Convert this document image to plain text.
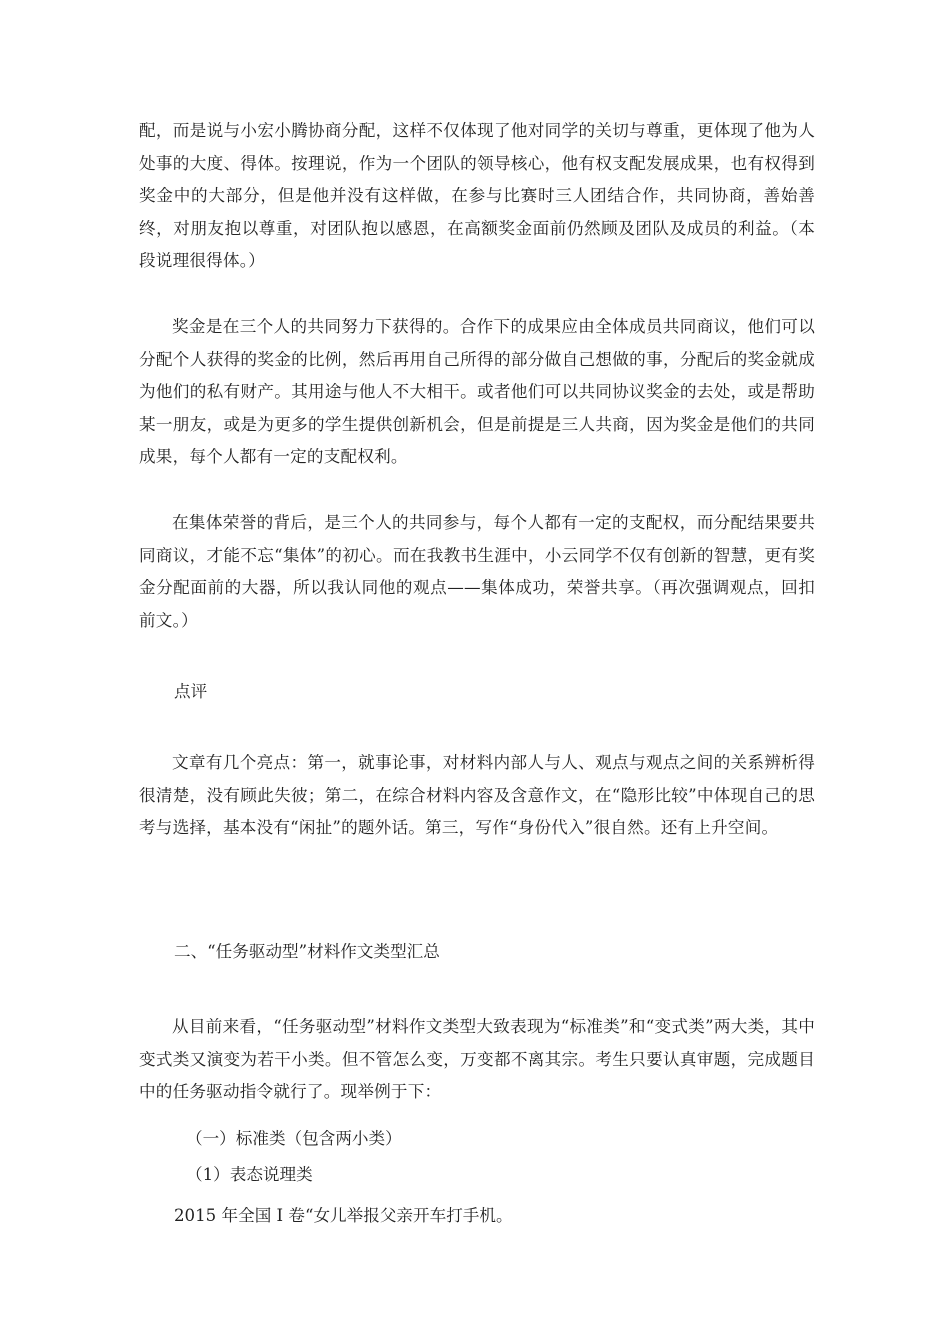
配，而是说与小宏小腾协商分配，这样不仅体现了他对同学的关切与尊重，更体现了他为人处事的大度、得体。按理说，作为一个团队的领导核心，他有权支配发展成果，也有权得到奖金中的大部分，但是他并没有这样做，在参与比赛时三人团结合作，共同协商，善始善终，对朋友抱以尊重，对团队抱以感恩，在高额奖金面前仍然顾及团队及成员的利益。（本段说理很得体。）

奖金是在三个人的共同努力下获得的。合作下的成果应由全体成员共同商议，他们可以分配个人获得的奖金的比例，然后再用自己所得的部分做自己想做的事，分配后的奖金就成为他们的私有财产。其用途与他人不大相干。或者他们可以共同协议奖金的去处，或是帮助某一朋友，或是为更多的学生提供创新机会，但是前提是三人共商，因为奖金是他们的共同成果，每个人都有一定的支配权利。

在集体荣誉的背后，是三个人的共同参与，每个人都有一定的支配权，而分配结果要共同商议，才能不忘“集体”的初心。而在我教书生涯中，小云同学不仅有创新的智慧，更有奖金分配面前的大器，所以我认同他的观点——集体成功，荣誉共享。（再次强调观点，回扣前文。）

点评

文章有几个亮点：第一，就事论事，对材料内部人与人、观点与观点之间的关系辨析得很清楚，没有顾此失彼；第二，在综合材料内容及含意作文，在“隐形比较”中体现自己的思考与选择，基本没有“闲扯”的题外话。第三，写作“身份代入”很自然。还有上升空间。

二、“任务驱动型”材料作文类型汇总

从目前来看，“任务驱动型”材料作文类型大致表现为“标准类”和“变式类”两大类，其中变式类又演变为若干小类。但不管怎么变，万变都不离其宗。考生只要认真审题，完成题目中的任务驱动指令就行了。现举例于下：

（一）标准类（包含两小类）

（1）表态说理类

2015 年全国 I 卷“女儿举报父亲开车打手机。
